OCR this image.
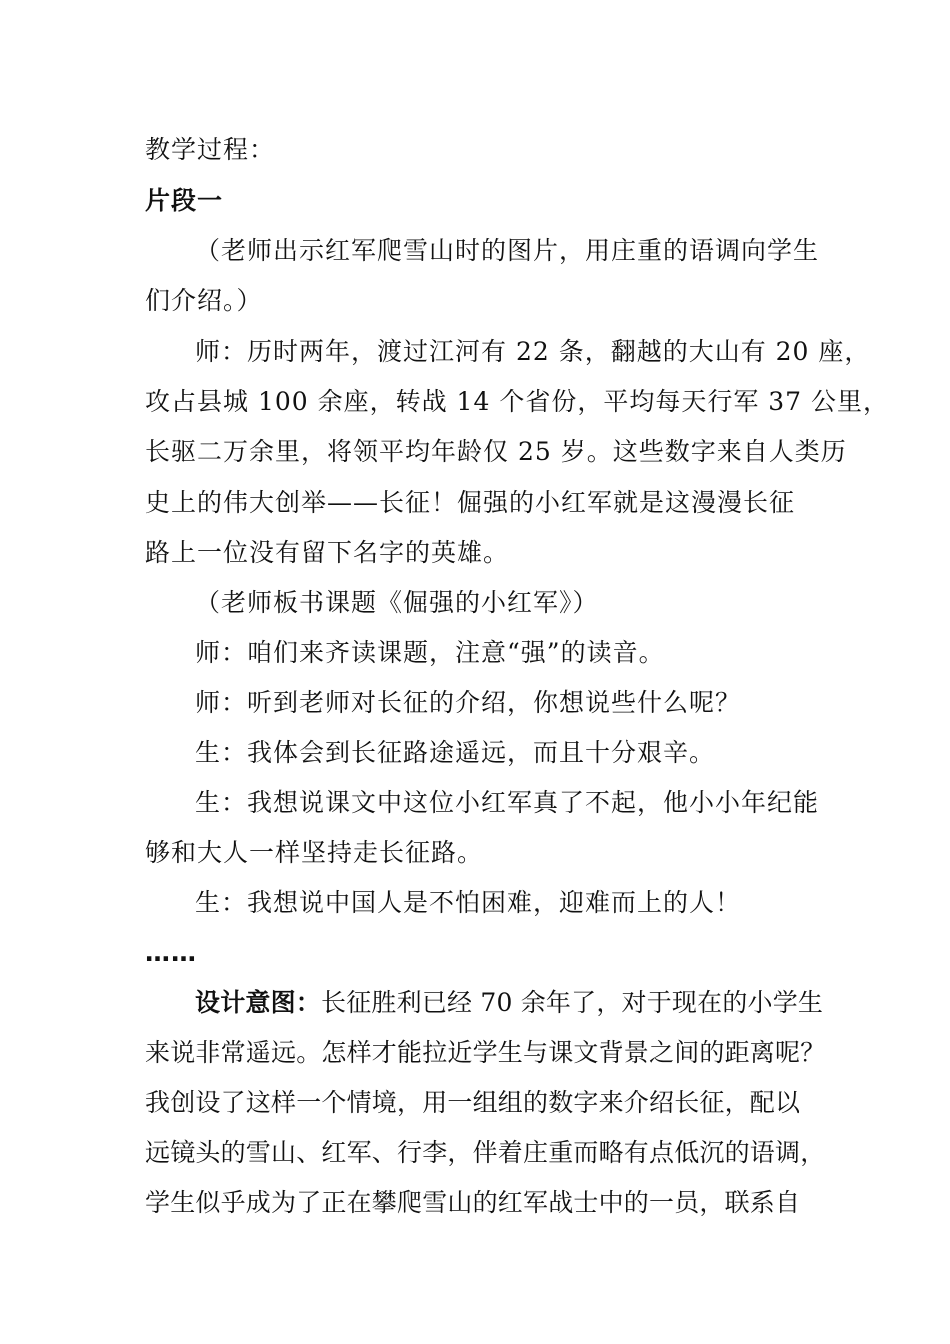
教学过程：
片段一
（老师出示红军爬雪山时的图片，用庄重的语调向学生
们介绍。）
师：历时两年，渡过江河有 22 条，翻越的大山有 20 座，
攻占县城 100 余座，转战 14 个省份，平均每天行军 37 公里，
长驱二万余里，将领平均年龄仅 25 岁。这些数字来自人类历
史上的伟大创举——长征！倔强的小红军就是这漫漫长征
路上一位没有留下名字的英雄。
（老师板书课题《倔强的小红军》）
师：咱们来齐读课题，注意“强”的读音。
师：听到老师对长征的介绍，你想说些什么呢？
生：我体会到长征路途遥远，而且十分艰辛。
生：我想说课文中这位小红军真了不起，他小小年纪能
够和大人一样坚持走长征路。
生：我想说中国人是不怕困难，迎难而上的人！
……
设计意图：长征胜利已经 70 余年了，对于现在的小学生
来说非常遥远。怎样才能拉近学生与课文背景之间的距离呢？
我创设了这样一个情境，用一组组的数字来介绍长征，配以
远镜头的雪山、红军、行李，伴着庄重而略有点低沉的语调，
学生似乎成为了正在攀爬雪山的红军战士中的一员，联系自
